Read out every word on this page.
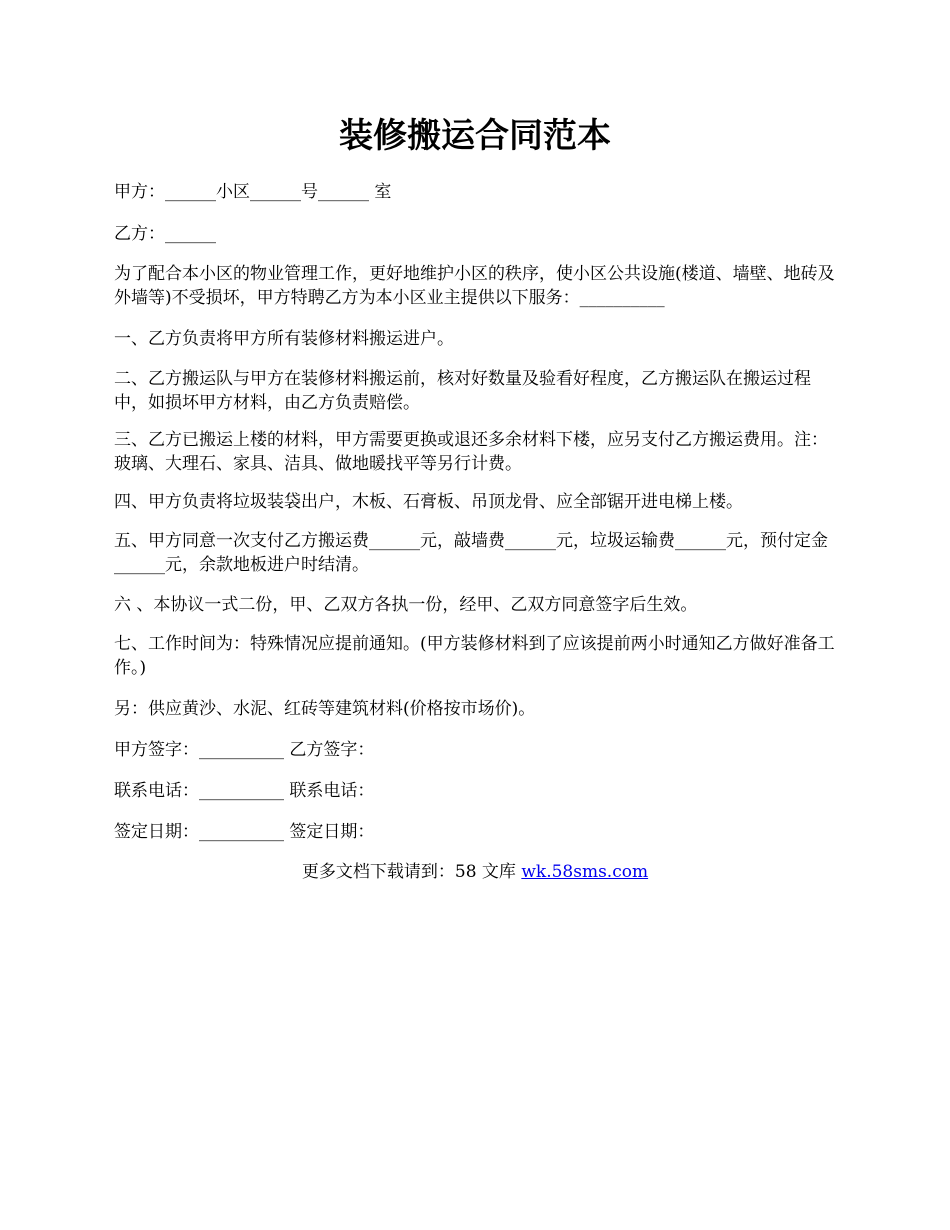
装修搬运合同范本

甲方：______小区______号______ 室

乙方：______

为了配合本小区的物业管理工作，更好地维护小区的秩序，使小区公共设施(楼道、墙壁、地砖及外墙等)不受损坏，甲方特聘乙方为本小区业主提供以下服务：__________

一、乙方负责将甲方所有装修材料搬运进户。

二、乙方搬运队与甲方在装修材料搬运前，核对好数量及验看好程度，乙方搬运队在搬运过程中，如损坏甲方材料，由乙方负责赔偿。

三、乙方已搬运上楼的材料，甲方需要更换或退还多余材料下楼，应另支付乙方搬运费用。注：玻璃、大理石、家具、洁具、做地暖找平等另行计费。

四、甲方负责将垃圾装袋出户，木板、石膏板、吊顶龙骨、应全部锯开进电梯上楼。

五、甲方同意一次支付乙方搬运费______元，敲墙费______元，垃圾运输费______元，预付定金______元，余款地板进户时结清。

六 、本协议一式二份，甲、乙双方各执一份，经甲、乙双方同意签字后生效。

七、工作时间为：特殊情况应提前通知。(甲方装修材料到了应该提前两小时通知乙方做好准备工作。)

另：供应黄沙、水泥、红砖等建筑材料(价格按市场价)。

甲方签字：__________ 乙方签字：

联系电话：__________ 联系电话：

签定日期：__________ 签定日期：

更多文档下载请到：58 文库 wk.58sms.com
